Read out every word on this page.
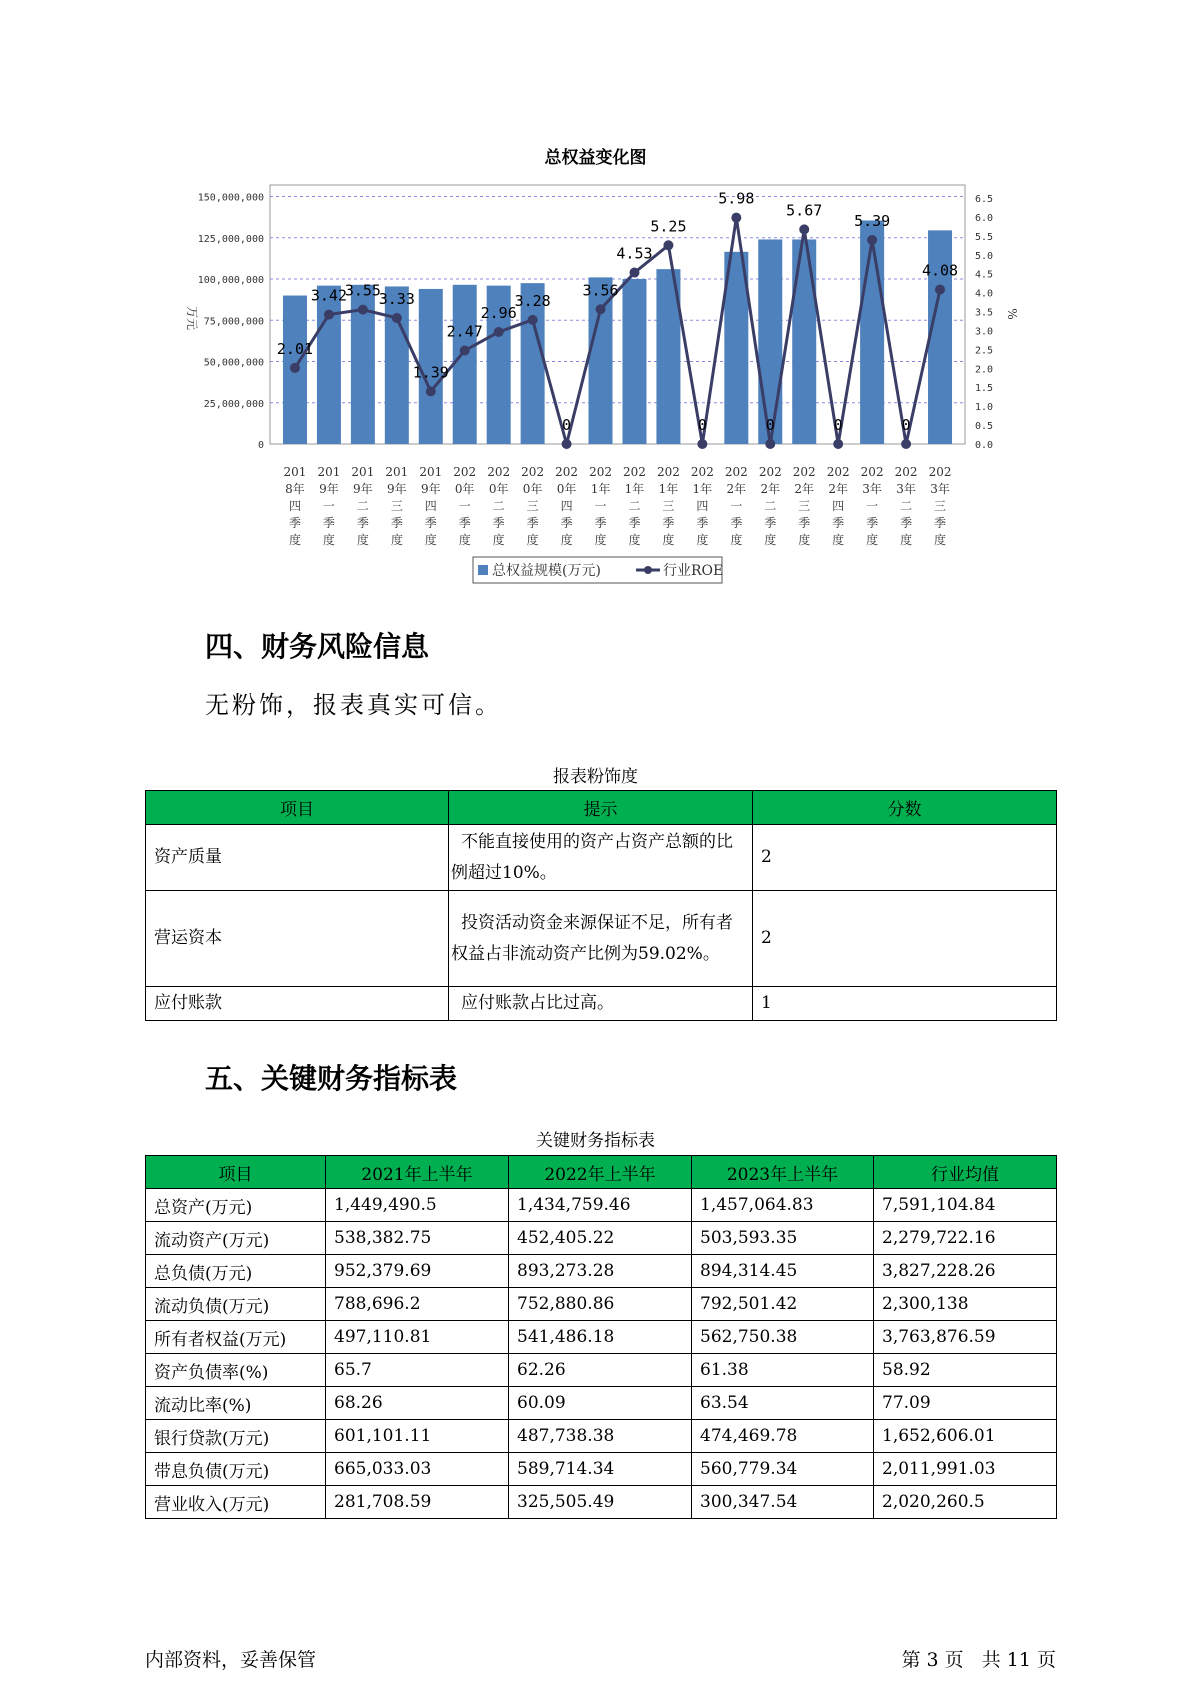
总权益变化图
0
25,000,000
50,000,000
75,000,000
100,000,000
125,000,000
150,000,000
0.0
0.5
1.0
1.5
2.0
2.5
3.0
3.5
4.0
4.5
5.0
5.5
6.0
6.5
万元	%
201 8年四季度
201 9年一季度
201 9年二季度
201 9年三季度
201 9年四季度
202 0年一季度
202 0年二季度
202 0年三季度
202 0年四季度
202 1年一季度
202 1年二季度
202 1年三季度
202 1年四季度
202 2年一季度
202 2年二季度
202 2年三季度
202 2年四季度
202 3年一季度
202 3年二季度
202 3年三季度
2.01
3.42
3.55
3.33
1.39
2.47
2.96
3.28
0
3.56
4.53
5.25
0
5.98
0
5.67
0
5.39
0
4.08
总权益规模(万元)	行业ROE
四、财务风险信息
无粉饰，报表真实可信。
报表粉饰度
项目	提示	分数
资产质量	不能直接使用的资产占资产总额的比例超过10%。	2
营运资本	投资活动资金来源保证不足，所有者权益占非流动资产比例为59.02%。	2
应付账款	应付账款占比过高。	1
五、关键财务指标表
关键财务指标表
项目	2021年上半年	2022年上半年	2023年上半年	行业均值
总资产(万元)	1,449,490.5	1,434,759.46	1,457,064.83	7,591,104.84
流动资产(万元)	538,382.75	452,405.22	503,593.35	2,279,722.16
总负债(万元)	952,379.69	893,273.28	894,314.45	3,827,228.26
流动负债(万元)	788,696.2	752,880.86	792,501.42	2,300,138
所有者权益(万元)	497,110.81	541,486.18	562,750.38	3,763,876.59
资产负债率(%)	65.7	62.26	61.38	58.92
流动比率(%)	68.26	60.09	63.54	77.09
银行贷款(万元)	601,101.11	487,738.38	474,469.78	1,652,606.01
带息负债(万元)	665,033.03	589,714.34	560,779.34	2,011,991.03
营业收入(万元)	281,708.59	325,505.49	300,347.54	2,020,260.5
内部资料，妥善保管	第 3 页   共 11 页
